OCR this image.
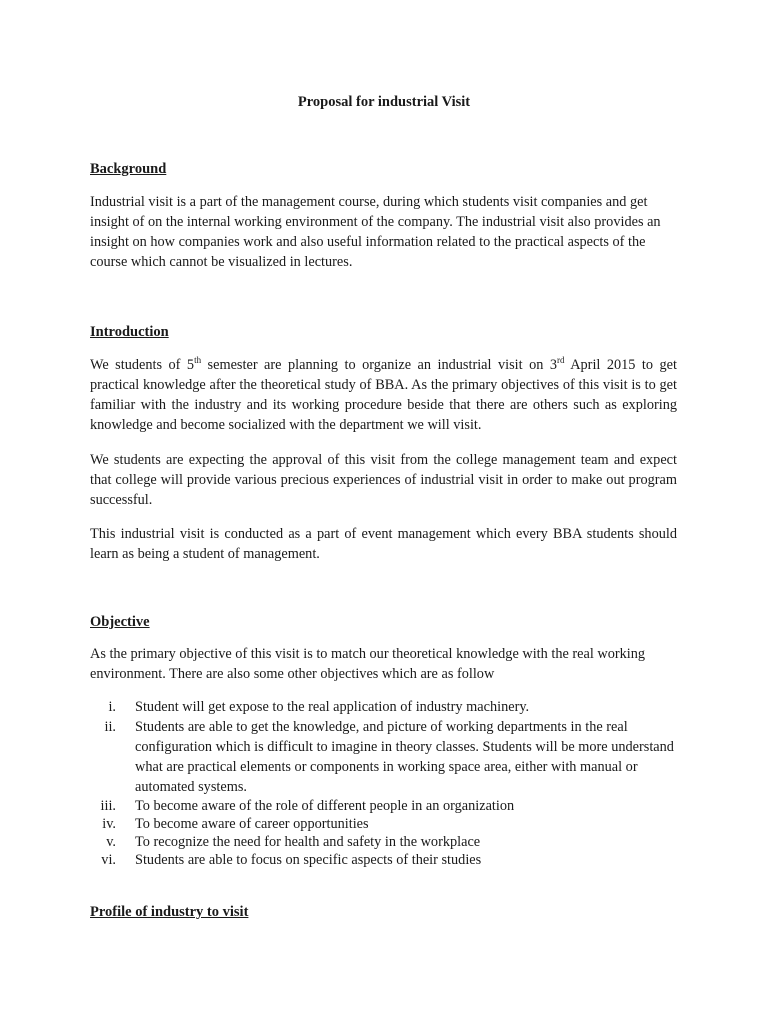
Proposal for industrial Visit
Background

Industrial visit is a part of the management course, during which students visit companies and get insight of on the internal working environment of the company. The industrial visit also provides an insight on how companies work and also useful information related to the practical aspects of the course which cannot be visualized in lectures.

Introduction

We students of 5th semester are planning to organize an industrial visit on 3rd April 2015 to get practical knowledge after the theoretical study of BBA. As the primary objectives of this visit is to get familiar with the industry and its working procedure beside that there are others such as exploring knowledge and become socialized with the department we will visit.

We students are expecting the approval of this visit from the college management team and expect that college will provide various precious experiences of industrial visit in order to make out program successful.

This industrial visit is conducted as a part of event management which every BBA students should learn as being a student of management.

Objective

As the primary objective of this visit is to match our theoretical knowledge with the real working environment. There are also some other objectives which are as follow

i. Student will get expose to the real application of industry machinery.
ii. Students are able to get the knowledge, and picture of working departments in the real configuration which is difficult to imagine in theory classes. Students will be more understand what are practical elements or components in working space area, either with manual or automated systems.
iii. To become aware of the role of different people in an organization
iv. To become aware of career opportunities
v. To recognize the need for health and safety in the workplace
vi. Students are able to focus on specific aspects of their studies
Profile of industry to visit
